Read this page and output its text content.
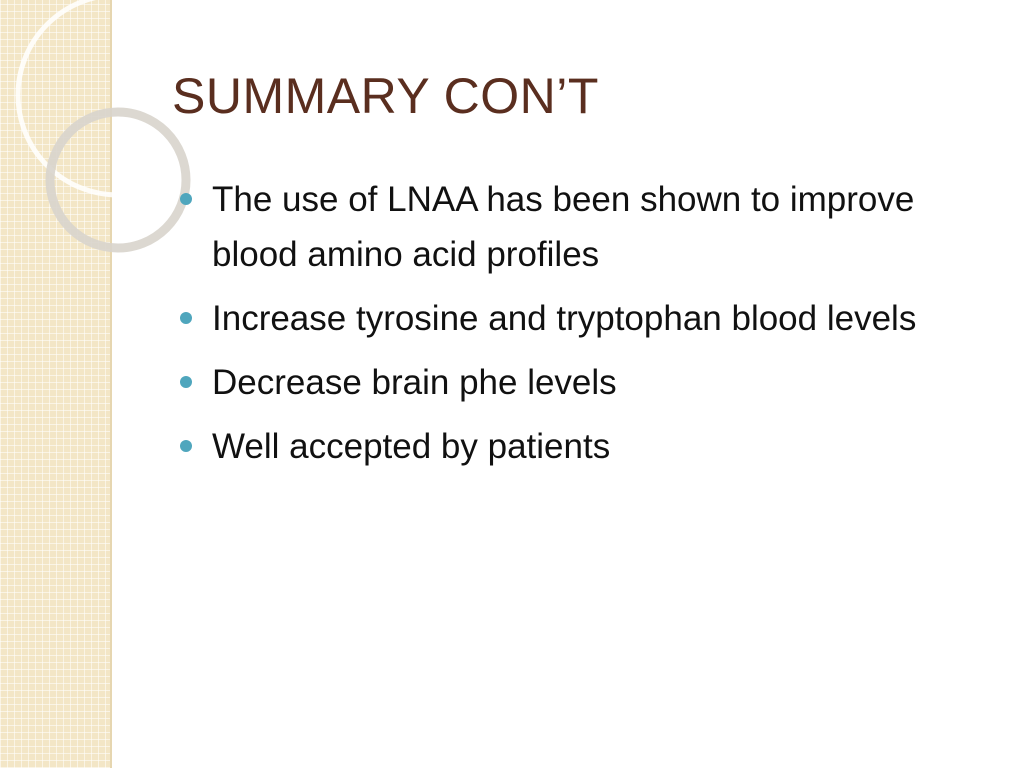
SUMMARY CON’T
The use of LNAA has been shown to improve blood amino acid profiles
Increase tyrosine and tryptophan blood levels
Decrease brain phe levels
Well accepted by patients
